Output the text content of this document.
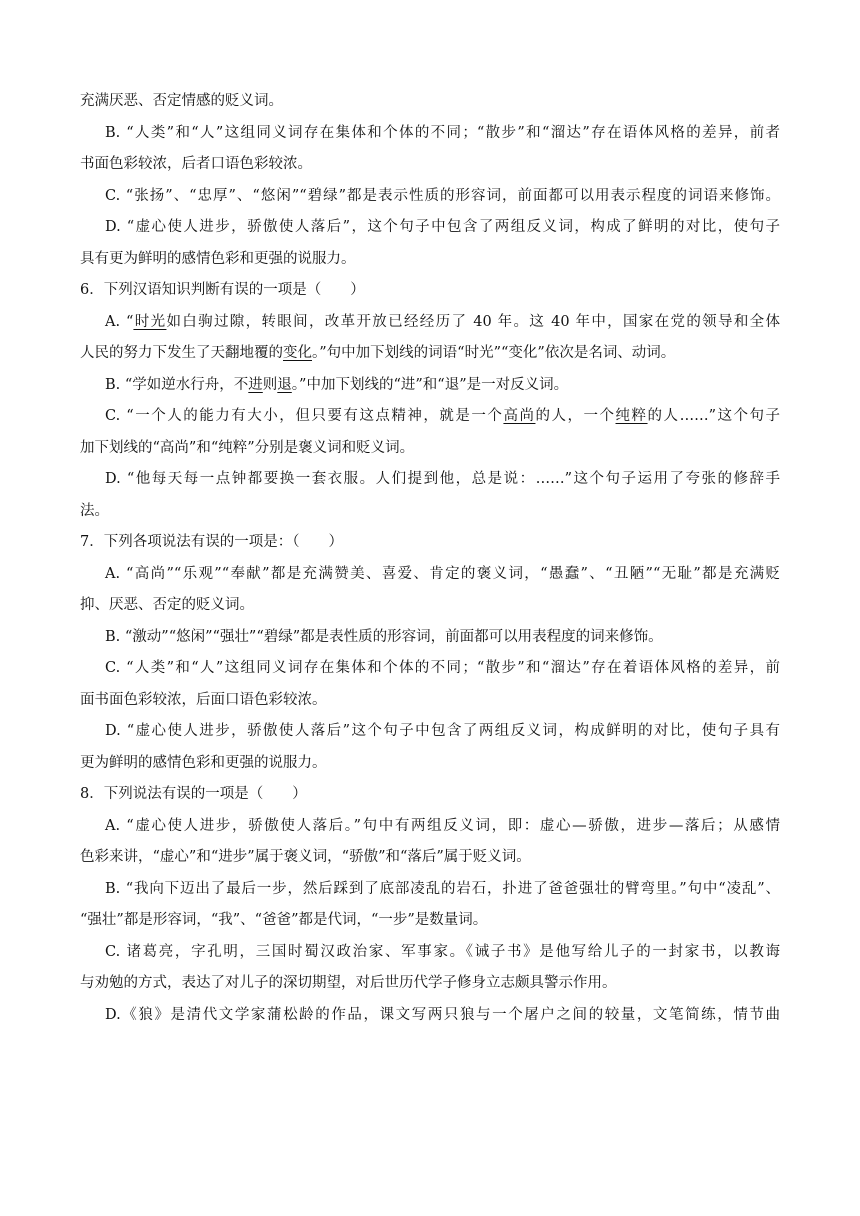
充满厌恶、否定情感的贬义词。
B. “人类”和“人”这组同义词存在集体和个体的不同；“散步”和“溜达”存在语体风格的差异，前者
书面色彩较浓，后者口语色彩较浓。
C. “张扬”、“忠厚”、“悠闲”“碧绿”都是表示性质的形容词，前面都可以用表示程度的词语来修饰。
D. “虚心使人进步，骄傲使人落后”，这个句子中包含了两组反义词，构成了鲜明的对比，使句子
具有更为鲜明的感情色彩和更强的说服力。
6．下列汉语知识判断有误的一项是（　　）
A. “时光如白驹过隙，转眼间，改革开放已经经历了 40 年。这 40 年中，国家在党的领导和全体
人民的努力下发生了天翻地覆的变化。”句中加下划线的词语“时光”“变化”依次是名词、动词。
B. “学如逆水行舟，不进则退。”中加下划线的“进”和“退”是一对反义词。
C. “一个人的能力有大小，但只要有这点精神，就是一个高尚的人，一个纯粹的人……”这个句子
加下划线的“高尚”和“纯粹”分别是褒义词和贬义词。
D. “他每天每一点钟都要换一套衣服。人们提到他，总是说：……”这个句子运用了夸张的修辞手
法。
7．下列各项说法有误的一项是：（　　）
A. “高尚”“乐观”“奉献”都是充满赞美、喜爱、肯定的褒义词，“愚蠢”、“丑陋”“无耻”都是充满贬
抑、厌恶、否定的贬义词。
B. “激动”“悠闲”“强壮”“碧绿”都是表性质的形容词，前面都可以用表程度的词来修饰。
C. “人类”和“人”这组同义词存在集体和个体的不同；“散步”和“溜达”存在着语体风格的差异，前
面书面色彩较浓，后面口语色彩较浓。
D. “虚心使人进步，骄傲使人落后”这个句子中包含了两组反义词，构成鲜明的对比，使句子具有
更为鲜明的感情色彩和更强的说服力。
8．下列说法有误的一项是（　　）
A. “虚心使人进步，骄傲使人落后。”句中有两组反义词，即：虚心—骄傲，进步—落后；从感情
色彩来讲，“虚心”和“进步”属于褒义词，“骄傲”和“落后”属于贬义词。
B. “我向下迈出了最后一步，然后踩到了底部凌乱的岩石，扑进了爸爸强壮的臂弯里。”句中“凌乱”、
“强壮”都是形容词，“我”、“爸爸”都是代词，“一步”是数量词。
C. 诸葛亮，字孔明，三国时蜀汉政治家、军事家。《诫子书》是他写给儿子的一封家书，以教诲
与劝勉的方式，表达了对儿子的深切期望，对后世历代学子修身立志颇具警示作用。
D.《狼》是清代文学家蒲松龄的作品，课文写两只狼与一个屠户之间的较量，文笔简练，情节曲
